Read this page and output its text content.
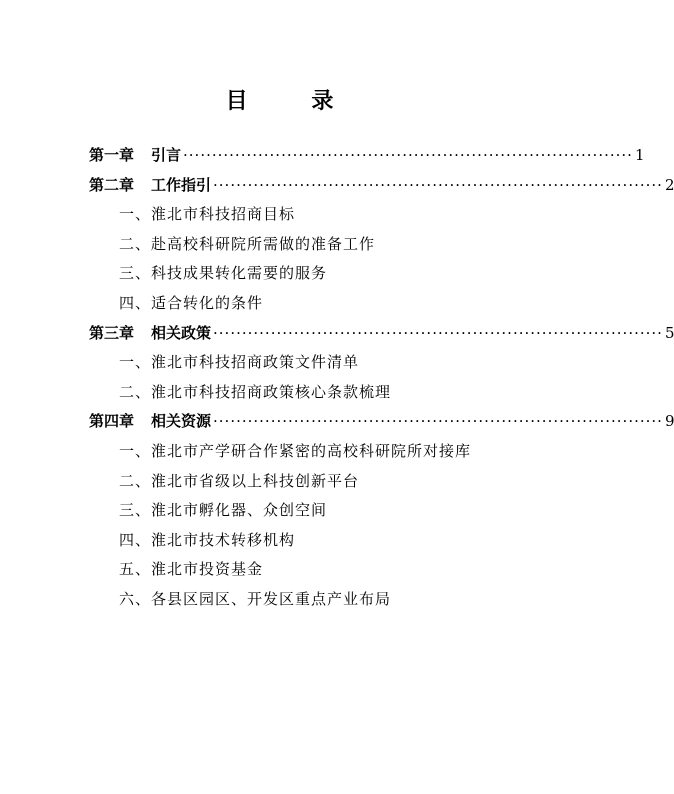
目 录
第一章	引言 ·············································································· 1
第二章	工作指引 ·············································································· 2
一、淮北市科技招商目标
二、赴高校科研院所需做的准备工作
三、科技成果转化需要的服务
四、适合转化的条件
第三章	相关政策 ·············································································· 5
一、淮北市科技招商政策文件清单
二、淮北市科技招商政策核心条款梳理
第四章	相关资源 ·············································································· 9
一、淮北市产学研合作紧密的高校科研院所对接库
二、淮北市省级以上科技创新平台
三、淮北市孵化器、众创空间
四、淮北市技术转移机构
五、淮北市投资基金
六、各县区园区、开发区重点产业布局
